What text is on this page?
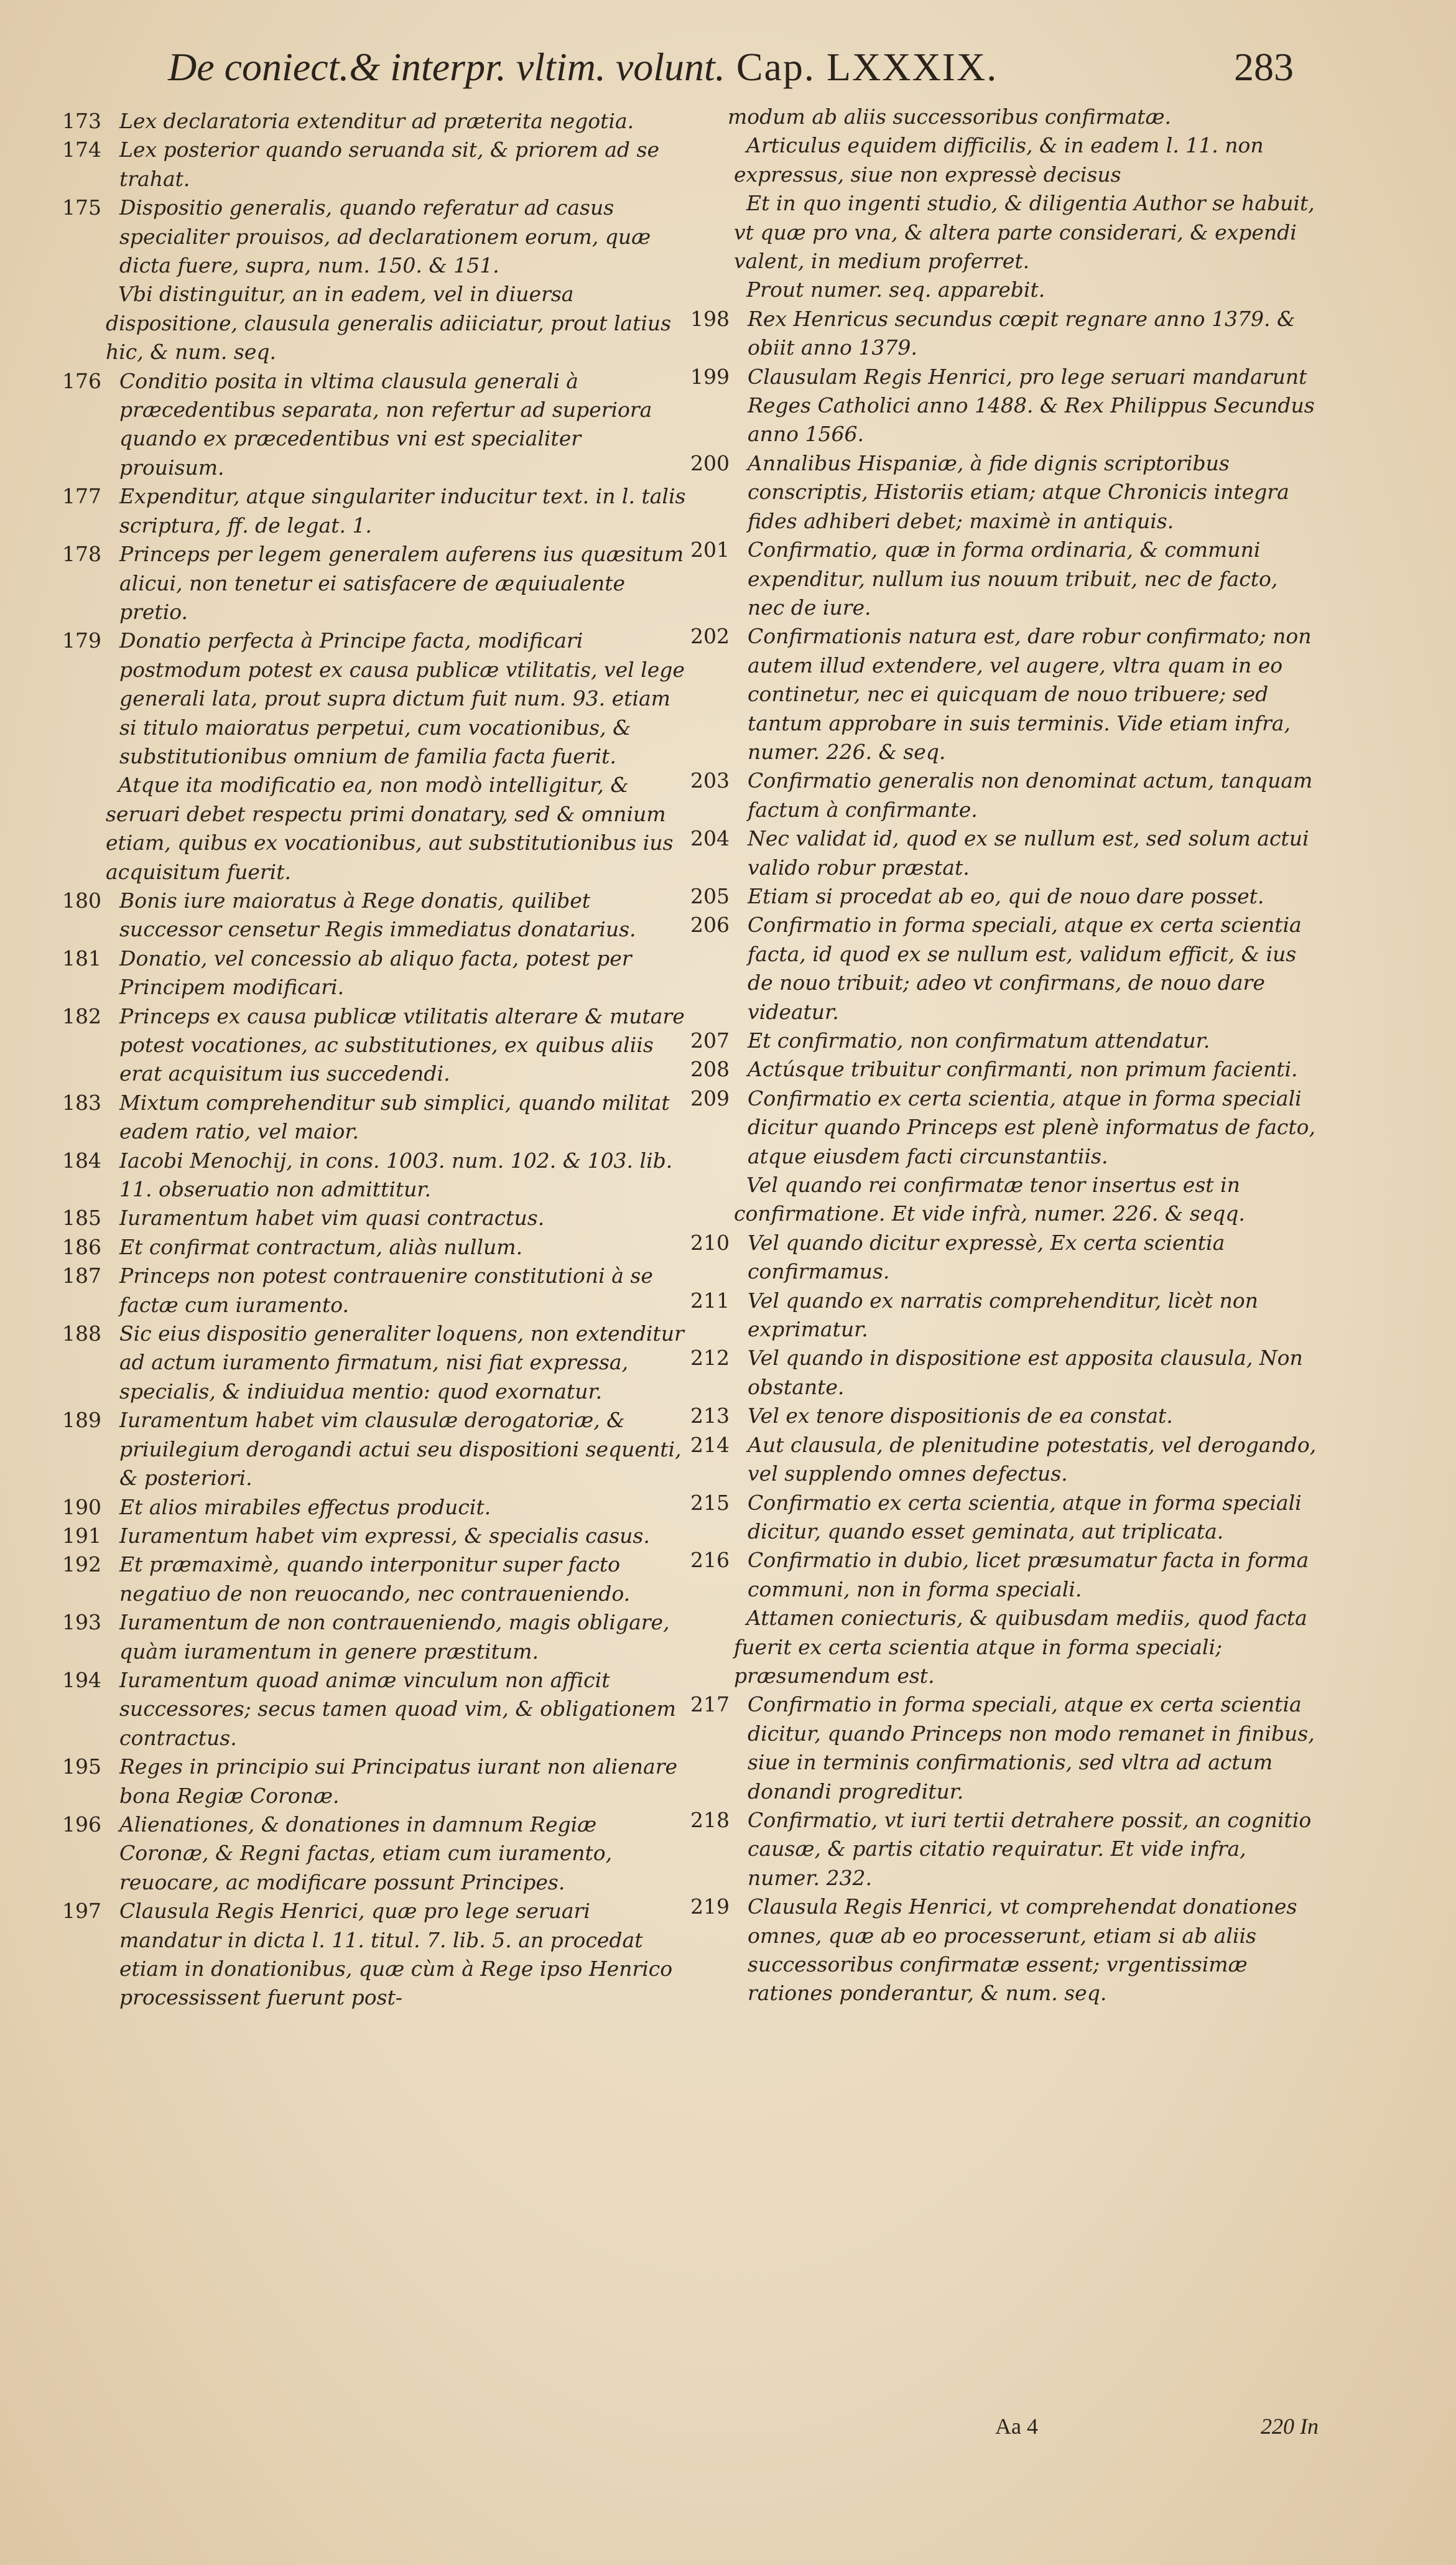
De coniect.& interpr. vltim. volunt. Cap. LXXXIX.	283
173 Lex declaratoria extenditur ad præterita negotia.
174 Lex posterior quando seruanda sit, & priorem ad se trahat.
175 Dispositio generalis, quando referatur ad casus specialiter prouisos, ad declarationem eorum, quæ dicta fuere, supra, num. 150. & 151.
Vbi distinguitur, an in eadem, vel in diuersa dispositione, clausula generalis adiiciatur, prout latius hic, & num. seq.
176 Conditio posita in vltima clausula generali à præcedentibus separata, non refertur ad superiora quando ex præcedentibus vni est specialiter prouisum.
177 Expenditur, atque singulariter inducitur text. in l. talis scriptura, ff. de legat. 1.
178 Princeps per legem generalem auferens ius quæsitum alicui, non tenetur ei satisfacere de æquiualente pretio.
179 Donatio perfecta à Principe facta, modificari postmodum potest ex causa publicæ vtilitatis, vel lege generali lata, prout supra dictum fuit num. 93. etiam si titulo maioratus perpetui, cum vocationibus, & substitutionibus omnium de familia facta fuerit.
Atque ita modificatio ea, non modò intelligitur, & seruari debet respectu primi donatary, sed & omnium etiam, quibus ex vocationibus, aut substitutionibus ius acquisitum fuerit.
180 Bonis iure maioratus à Rege donatis, quilibet successor censetur Regis immediatus donatarius.
181 Donatio, vel concessio ab aliquo facta, potest per Principem modificari.
182 Princeps ex causa publicæ vtilitatis alterare & mutare potest vocationes, ac substitutiones, ex quibus aliis erat acquisitum ius succedendi.
183 Mixtum comprehenditur sub simplici, quando militat eadem ratio, vel maior.
184 Iacobi Menochij, in cons. 1003. num. 102. & 103. lib. 11. obseruatio non admittitur.
185 Iuramentum habet vim quasi contractus.
186 Et confirmat contractum, aliàs nullum.
187 Princeps non potest contrauenire constitutioni à se factæ cum iuramento.
188 Sic eius dispositio generaliter loquens, non extenditur ad actum iuramento firmatum, nisi fiat expressa, specialis, & indiuidua mentio: quod exornatur.
189 Iuramentum habet vim clausulæ derogatoriæ, & priuilegium derogandi actui seu dispositioni sequenti, & posteriori.
190 Et alios mirabiles effectus producit.
191 Iuramentum habet vim expressi, & specialis casus.
192 Et præmaximè, quando interponitur super facto negatiuo de non reuocando, nec contraueniendo.
193 Iuramentum de non contraueniendo, magis obligare, quàm iuramentum in genere præstitum.
194 Iuramentum quoad animæ vinculum non afficit successores; secus tamen quoad vim, & obligationem contractus.
195 Reges in principio sui Principatus iurant non alienare bona Regiæ Coronæ.
196 Alienationes, & donationes in damnum Regiæ Coronæ, & Regni factas, etiam cum iuramento, reuocare, ac modificare possunt Principes.
197 Clausula Regis Henrici, quæ pro lege seruari mandatur in dicta l. 11. titul. 7. lib. 5. an procedat etiam in donationibus, quæ cùm à Rege ipso Henrico processissent fuerunt post-
modum ab aliis successoribus confirmatæ.
Articulus equidem difficilis, & in eadem l. 11. non expressus, siue non expressè decisus
Et in quo ingenti studio, & diligentia Author se habuit, vt quæ pro vna, & altera parte considerari, & expendi valent, in medium proferret.
Prout numer. seq. apparebit.
198 Rex Henricus secundus cœpit regnare anno 1379. & obiit anno 1379.
199 Clausulam Regis Henrici, pro lege seruari mandarunt Reges Catholici anno 1488. & Rex Philippus Secundus anno 1566.
200 Annalibus Hispaniæ, à fide dignis scriptoribus conscriptis, Historiis etiam; atque Chronicis integra fides adhiberi debet; maximè in antiquis.
201 Confirmatio, quæ in forma ordinaria, & communi expenditur, nullum ius nouum tribuit, nec de facto, nec de iure.
202 Confirmationis natura est, dare robur confirmato; non autem illud extendere, vel augere, vltra quam in eo continetur, nec ei quicquam de nouo tribuere; sed tantum approbare in suis terminis. Vide etiam infra, numer. 226. & seq.
203 Confirmatio generalis non denominat actum, tanquam factum à confirmante.
204 Nec validat id, quod ex se nullum est, sed solum actui valido robur præstat.
205 Etiam si procedat ab eo, qui de nouo dare posset.
206 Confirmatio in forma speciali, atque ex certa scientia facta, id quod ex se nullum est, validum efficit, & ius de nouo tribuit; adeo vt confirmans, de nouo dare videatur.
207 Et confirmatio, non confirmatum attendatur.
208 Actúsque tribuitur confirmanti, non primum facienti.
209 Confirmatio ex certa scientia, atque in forma speciali dicitur quando Princeps est plenè informatus de facto, atque eiusdem facti circunstantiis.
Vel quando rei confirmatæ tenor insertus est in confirmatione. Et vide infrà, numer. 226. & seqq.
210 Vel quando dicitur expressè, Ex certa scientia confirmamus.
211 Vel quando ex narratis comprehenditur, licèt non exprimatur.
212 Vel quando in dispositione est apposita clausula, Non obstante.
213 Vel ex tenore dispositionis de ea constat.
214 Aut clausula, de plenitudine potestatis, vel derogando, vel supplendo omnes defectus.
215 Confirmatio ex certa scientia, atque in forma speciali dicitur, quando esset geminata, aut triplicata.
216 Confirmatio in dubio, licet præsumatur facta in forma communi, non in forma speciali.
Attamen coniecturis, & quibusdam mediis, quod facta fuerit ex certa scientia atque in forma speciali; præsumendum est.
217 Confirmatio in forma speciali, atque ex certa scientia dicitur, quando Princeps non modo remanet in finibus, siue in terminis confirmationis, sed vltra ad actum donandi progreditur.
218 Confirmatio, vt iuri tertii detrahere possit, an cognitio causæ, & partis citatio requiratur. Et vide infra, numer. 232.
219 Clausula Regis Henrici, vt comprehendat donationes omnes, quæ ab eo processerunt, etiam si ab aliis successoribus confirmatæ essent; vrgentissimæ rationes ponderantur, & num. seq.
Aa 4	220 In
